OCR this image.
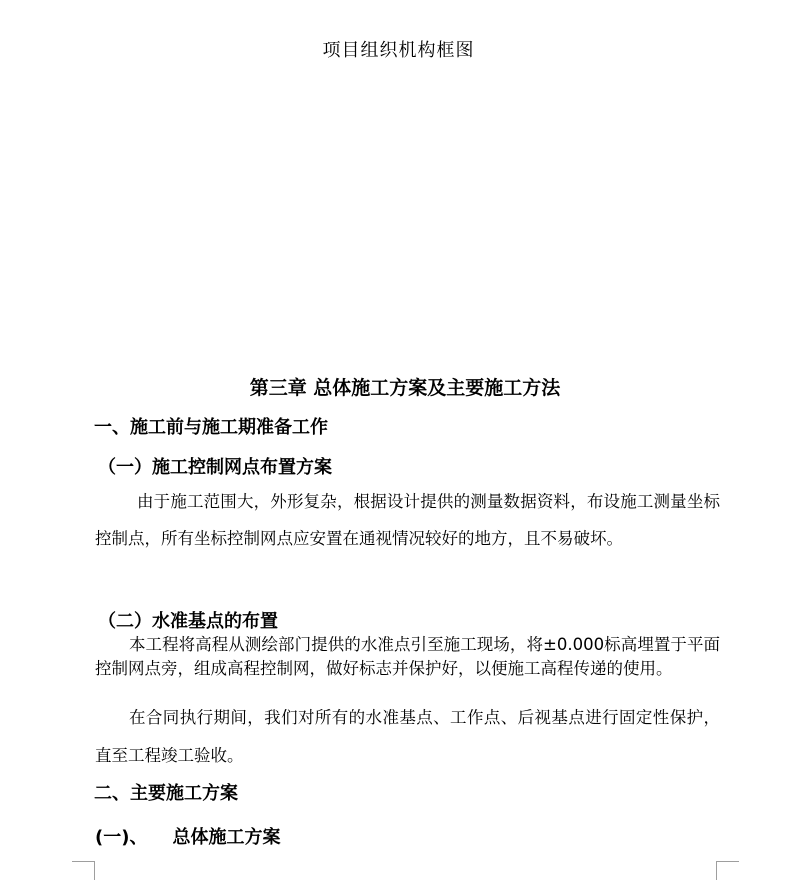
项目组织机构框图
第三章 总体施工方案及主要施工方法
一、施工前与施工期准备工作
（一）施工控制网点布置方案
由于施工范围大，外形复杂，根据设计提供的测量数据资料，布设施工测量坐标控制点，所有坐标控制网点应安置在通视情况较好的地方，且不易破坏。
（二）水准基点的布置
本工程将高程从测绘部门提供的水准点引至施工现场，将±0.000标高埋置于平面控制网点旁，组成高程控制网，做好标志并保护好，以便施工高程传递的使用。
在合同执行期间，我们对所有的水准基点、工作点、后视基点进行固定性保护，直至工程竣工验收。
二、主要施工方案
(一)、    总体施工方案
